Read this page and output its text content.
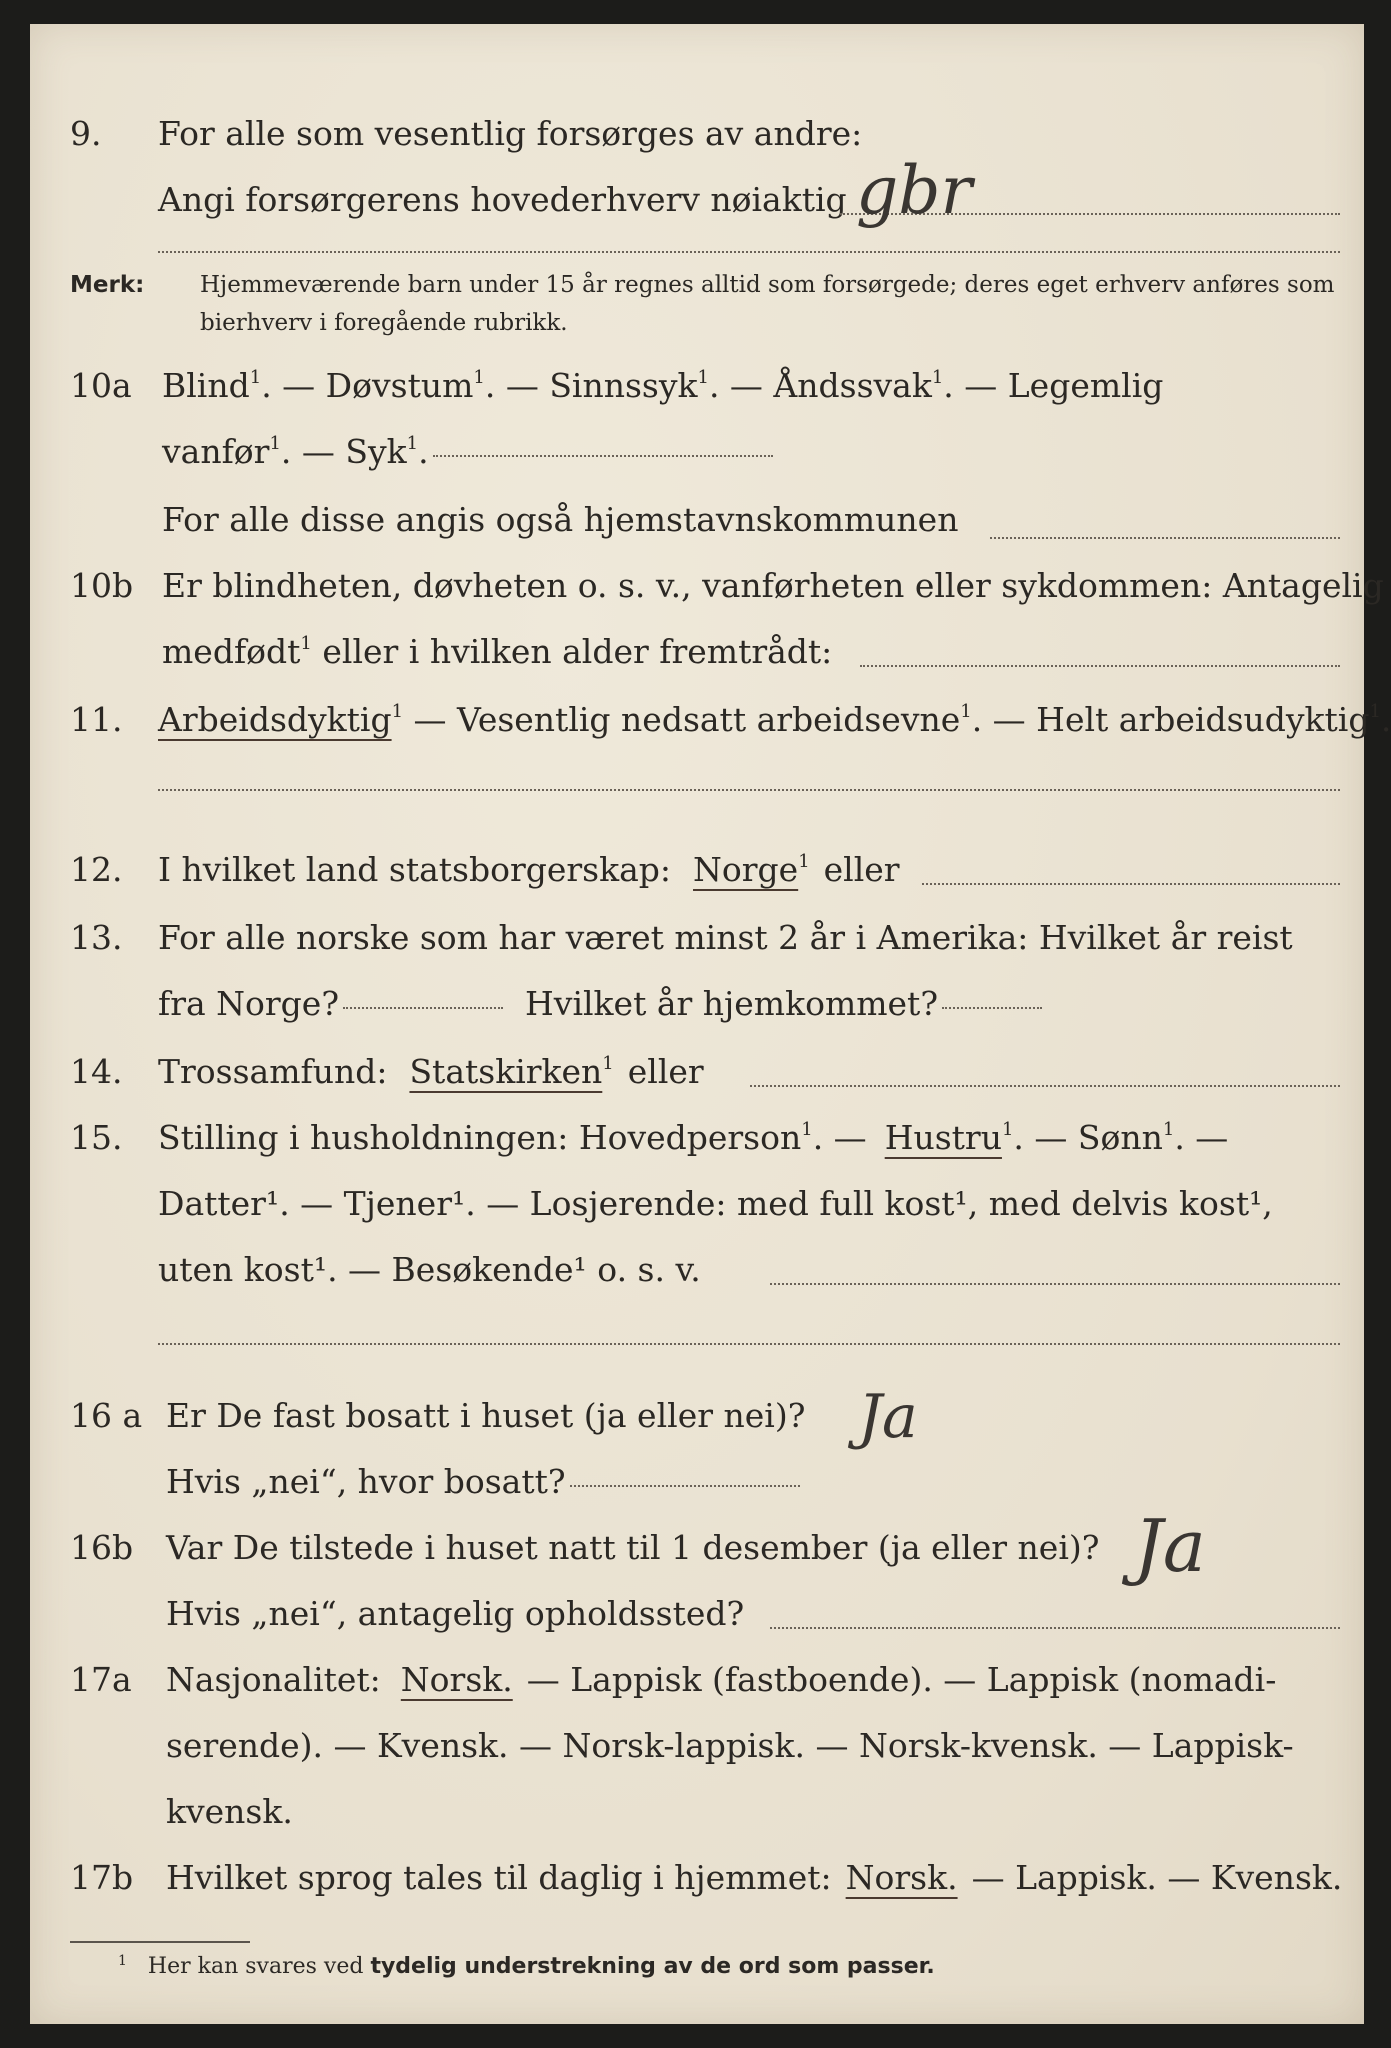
9. For alle som vesentlig forsørges av andre:
Angi forsørgerens hovederhverv nøiaktig gbr
Merk: Hjemmeværende barn under 15 år regnes alltid som forsørgede; deres eget erhverv anføres som bierhverv i foregående rubrikk.
10a Blind 1 . — Døvstum 1 . — Sinnssyk 1 . — Åndssvak 1 . — Legemlig
vanfør 1 . — Syk 1 .
For alle disse angis også hjemstavnskommunen
10b Er blindheten, døvheten o. s. v., vanførheten eller sykdommen: Antagelig
medfødt 1 eller i hvilken alder fremtrådt:
11. Arbeidsdyktig 1 — Vesentlig nedsatt arbeidsevne 1 . — Helt arbeidsudyktig 1 .
12. I hvilket land statsborgerskap: Norge 1 eller
13. For alle norske som har været minst 2 år i Amerika: Hvilket år reist
fra Norge?	Hvilket år hjemkommet?
14. Trossamfund: Statskirken 1 eller
15. Stilling i husholdningen: Hovedperson 1 . — Hustru 1 . — Sønn 1 . —
Datter¹. — Tjener¹. — Losjerende: med full kost¹, med delvis kost¹,
uten kost¹. — Besøkende¹ o. s. v.
16 a Er De fast bosatt i huset (ja eller nei)? Ja
Hvis „nei“, hvor bosatt?
16b Var De tilstede i huset natt til 1 desember (ja eller nei)? Ja
Hvis „nei“, antagelig opholdssted?
17a Nasjonalitet: Norsk. — Lappisk (fastboende). — Lappisk (nomadi-
serende). — Kvensk. — Norsk-lappisk. — Norsk-kvensk. — Lappisk-
kvensk.
17b Hvilket sprog tales til daglig i hjemmet: Norsk. — Lappisk. — Kvensk.
$^1$ Her kan svares ved tydelig understrekning av de ord som passer.
